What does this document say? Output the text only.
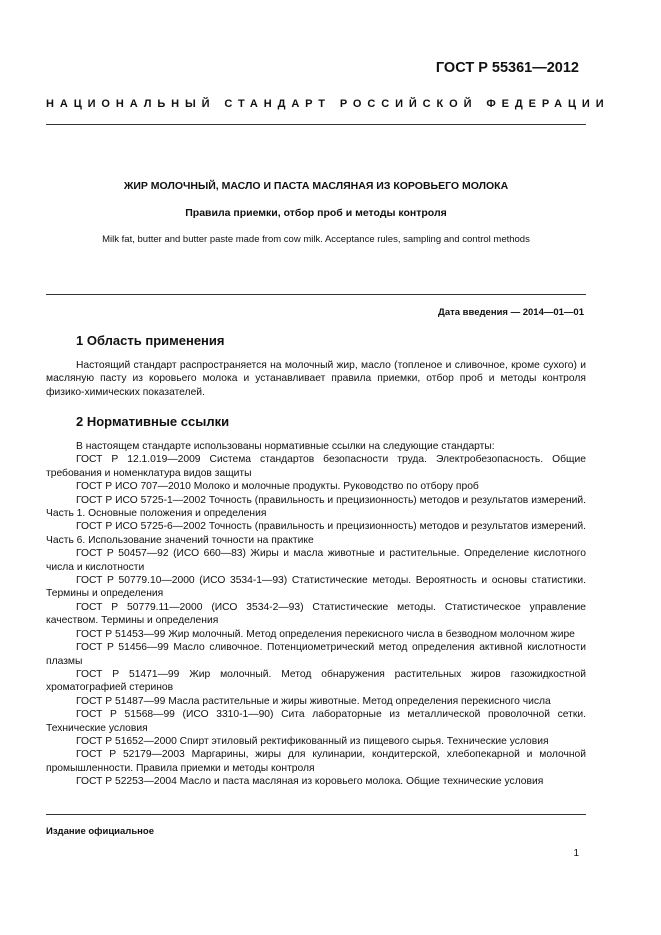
ГОСТ Р 55361—2012
НАЦИОНАЛЬНЫЙ СТАНДАРТ РОССИЙСКОЙ ФЕДЕРАЦИИ
ЖИР МОЛОЧНЫЙ, МАСЛО И ПАСТА МАСЛЯНАЯ ИЗ КОРОВЬЕГО МОЛОКА
Правила приемки, отбор проб и методы контроля
Milk fat, butter and butter paste made from cow milk. Acceptance rules, sampling and control methods
Дата введения — 2014—01—01
1 Область применения

Настоящий стандарт распространяется на молочный жир, масло (топленое и сливочное, кроме сухого) и масляную пасту из коровьего молока и устанавливает правила приемки, отбор проб и методы контроля физико-химических показателей.

2 Нормативные ссылки

В настоящем стандарте использованы нормативные ссылки на следующие стандарты:

ГОСТ Р 12.1.019—2009 Система стандартов безопасности труда. Электробезопасность. Общие требования и номенклатура видов защиты

ГОСТ Р ИСО 707—2010 Молоко и молочные продукты. Руководство по отбору проб

ГОСТ Р ИСО 5725-1—2002 Точность (правильность и прецизионность) методов и результатов измерений. Часть 1. Основные положения и определения

ГОСТ Р ИСО 5725-6—2002 Точность (правильность и прецизионность) методов и результатов измерений. Часть 6. Использование значений точности на практике

ГОСТ Р 50457—92 (ИСО 660—83) Жиры и масла животные и растительные. Определение кислотного числа и кислотности

ГОСТ Р 50779.10—2000 (ИСО 3534-1—93) Статистические методы. Вероятность и основы статистики. Термины и определения

ГОСТ Р 50779.11—2000 (ИСО 3534-2—93) Статистические методы. Статистическое управление качеством. Термины и определения

ГОСТ Р 51453—99 Жир молочный. Метод определения перекисного числа в безводном молочном жире

ГОСТ Р 51456—99 Масло сливочное. Потенциометрический метод определения активной кислотности плазмы

ГОСТ Р 51471—99 Жир молочный. Метод обнаружения растительных жиров газожидкостной хроматографией стеринов

ГОСТ Р 51487—99 Масла растительные и жиры животные. Метод определения перекисного числа

ГОСТ Р 51568—99 (ИСО 3310-1—90) Сита лабораторные из металлической проволочной сетки. Технические условия

ГОСТ Р 51652—2000 Спирт этиловый ректификованный из пищевого сырья. Технические условия

ГОСТ Р 52179—2003 Маргарины, жиры для кулинарии, кондитерской, хлебопекарной и молочной промышленности. Правила приемки и методы контроля

ГОСТ Р 52253—2004 Масло и паста масляная из коровьего молока. Общие технические условия

Издание официальное
1
